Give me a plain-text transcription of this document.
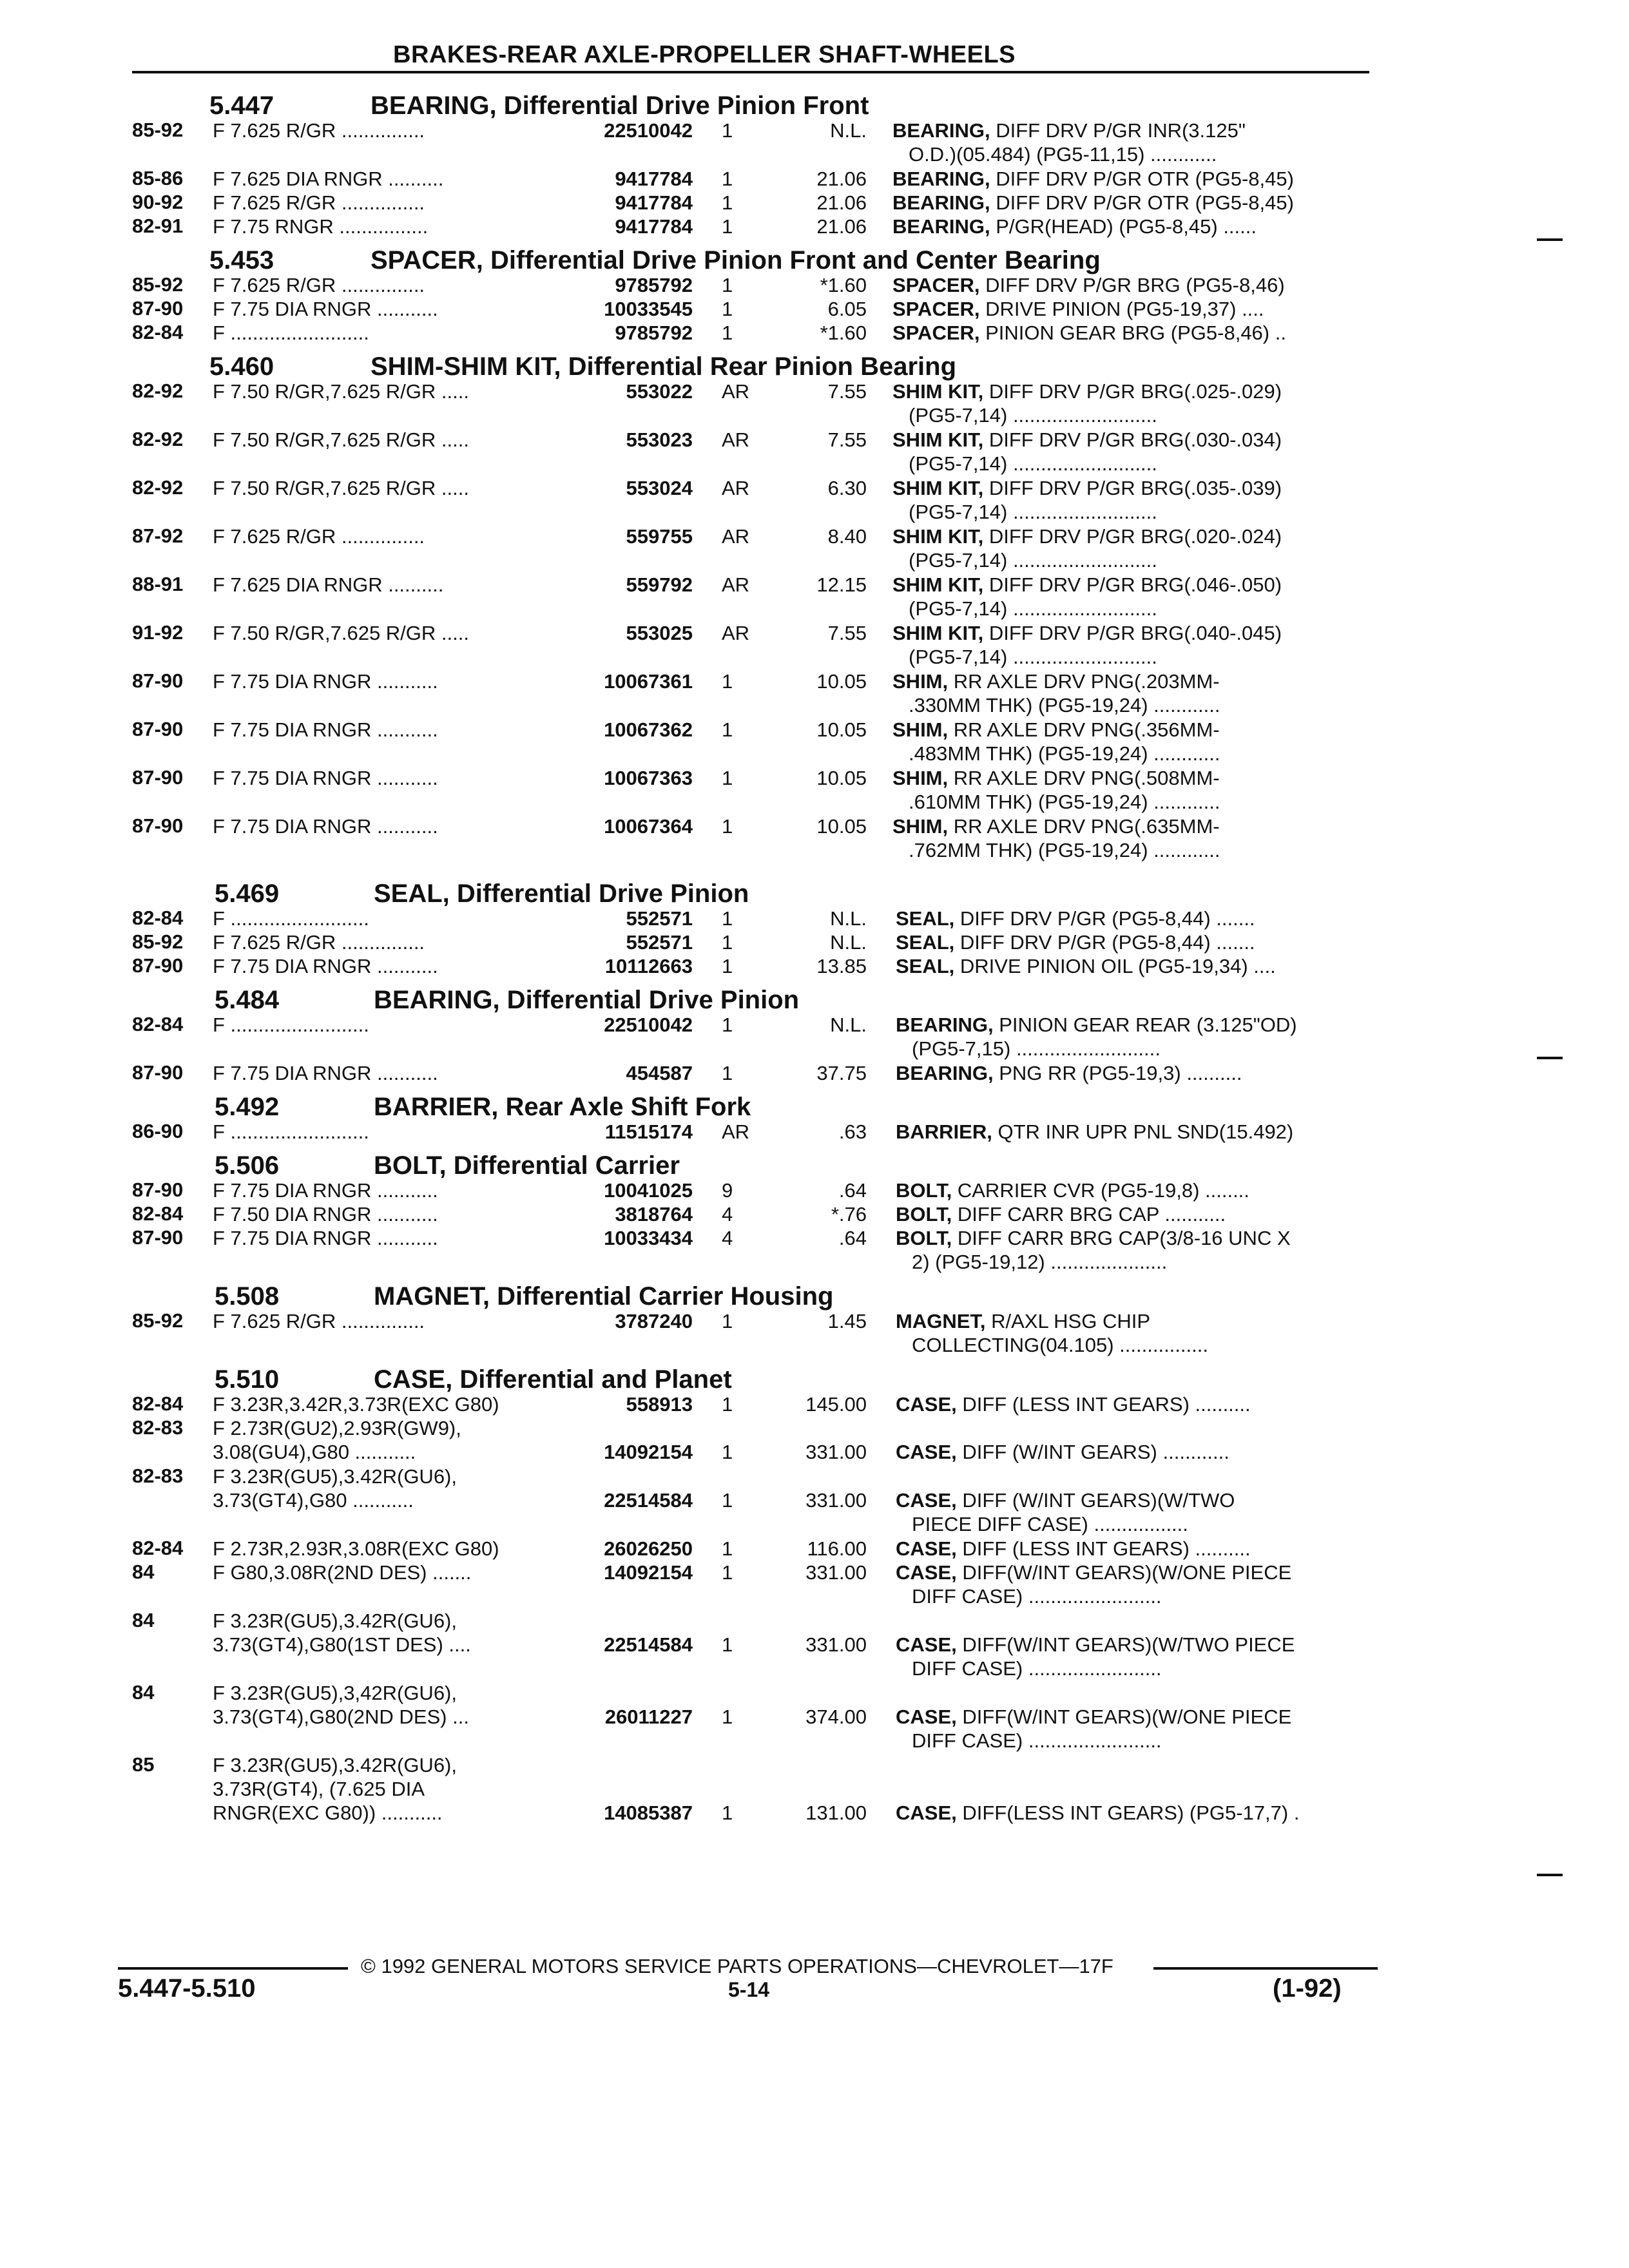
BRAKES-REAR AXLE-PROPELLER SHAFT-WHEELS
5.447	BEARING, Differential Drive Pinion Front
85-92 F 7.625 R/GR ...............	22510042 1	N.L. BEARING, DIFF DRV P/GR INR(3.125"
O.D.)(05.484) (PG5-11,15) ............
85-86 F 7.625 DIA RNGR ..........	9417784 1	21.06 BEARING, DIFF DRV P/GR OTR (PG5-8,45)
90-92 F 7.625 R/GR ...............	9417784 1	21.06 BEARING, DIFF DRV P/GR OTR (PG5-8,45)
82-91 F 7.75 RNGR ................	9417784 1	21.06 BEARING, P/GR(HEAD) (PG5-8,45) ......
5.453	SPACER, Differential Drive Pinion Front and Center Bearing
85-92 F 7.625 R/GR ...............	9785792 1	*1.60 SPACER, DIFF DRV P/GR BRG (PG5-8,46)
87-90 F 7.75 DIA RNGR ...........	10033545 1	6.05 SPACER, DRIVE PINION (PG5-19,37) ....
82-84 F .........................	9785792 1	*1.60 SPACER, PINION GEAR BRG (PG5-8,46) ..
5.460	SHIM-SHIM KIT, Differential Rear Pinion Bearing
82-92 F 7.50 R/GR,7.625 R/GR .....	553022 AR	7.55 SHIM KIT, DIFF DRV P/GR BRG(.025-.029)
(PG5-7,14) ..........................
82-92 F 7.50 R/GR,7.625 R/GR .....	553023 AR	7.55 SHIM KIT, DIFF DRV P/GR BRG(.030-.034)
(PG5-7,14) ..........................
82-92 F 7.50 R/GR,7.625 R/GR .....	553024 AR	6.30 SHIM KIT, DIFF DRV P/GR BRG(.035-.039)
(PG5-7,14) ..........................
87-92 F 7.625 R/GR ...............	559755 AR	8.40 SHIM KIT, DIFF DRV P/GR BRG(.020-.024)
(PG5-7,14) ..........................
88-91 F 7.625 DIA RNGR ..........	559792 AR	12.15 SHIM KIT, DIFF DRV P/GR BRG(.046-.050)
(PG5-7,14) ..........................
91-92 F 7.50 R/GR,7.625 R/GR .....	553025 AR	7.55 SHIM KIT, DIFF DRV P/GR BRG(.040-.045)
(PG5-7,14) ..........................
87-90 F 7.75 DIA RNGR ...........	10067361 1	10.05 SHIM, RR AXLE DRV PNG(.203MM-
.330MM THK) (PG5-19,24) ............
87-90 F 7.75 DIA RNGR ...........	10067362 1	10.05 SHIM, RR AXLE DRV PNG(.356MM-
.483MM THK) (PG5-19,24) ............
87-90 F 7.75 DIA RNGR ...........	10067363 1	10.05 SHIM, RR AXLE DRV PNG(.508MM-
.610MM THK) (PG5-19,24) ............
87-90 F 7.75 DIA RNGR ...........	10067364 1	10.05 SHIM, RR AXLE DRV PNG(.635MM-
.762MM THK) (PG5-19,24) ............
5.469	SEAL, Differential Drive Pinion
82-84 F .........................	552571 1	N.L. SEAL, DIFF DRV P/GR (PG5-8,44) .......
85-92 F 7.625 R/GR ...............	552571 1	N.L. SEAL, DIFF DRV P/GR (PG5-8,44) .......
87-90 F 7.75 DIA RNGR ...........	10112663 1	13.85 SEAL, DRIVE PINION OIL (PG5-19,34) ....
5.484	BEARING, Differential Drive Pinion
82-84 F .........................	22510042 1	N.L. BEARING, PINION GEAR REAR (3.125"OD)
(PG5-7,15) ..........................
87-90 F 7.75 DIA RNGR ...........	454587 1	37.75 BEARING, PNG RR (PG5-19,3) ..........
5.492	BARRIER, Rear Axle Shift Fork
86-90 F .........................	11515174 AR	.63 BARRIER, QTR INR UPR PNL SND(15.492)
5.506	BOLT, Differential Carrier
87-90 F 7.75 DIA RNGR ...........	10041025 9	.64 BOLT, CARRIER CVR (PG5-19,8) ........
82-84 F 7.50 DIA RNGR ...........	3818764 4	*.76 BOLT, DIFF CARR BRG CAP ...........
87-90 F 7.75 DIA RNGR ...........	10033434 4	.64 BOLT, DIFF CARR BRG CAP(3/8-16 UNC X
2) (PG5-19,12) .....................
5.508	MAGNET, Differential Carrier Housing
85-92 F 7.625 R/GR ...............	3787240 1	1.45 MAGNET, R/AXL HSG CHIP
COLLECTING(04.105) ................
5.510	CASE, Differential and Planet
82-84 F 3.23R,3.42R,3.73R(EXC G80)	558913 1	145.00 CASE, DIFF (LESS INT GEARS) ..........
82-83 F 2.73R(GU2),2.93R(GW9),
3.08(GU4),G80 ...........	14092154 1	331.00 CASE, DIFF (W/INT GEARS) ............
82-83 F 3.23R(GU5),3.42R(GU6),
3.73(GT4),G80 ...........	22514584 1	331.00 CASE, DIFF (W/INT GEARS)(W/TWO
PIECE DIFF CASE) .................
82-84 F 2.73R,2.93R,3.08R(EXC G80)	26026250 1	116.00 CASE, DIFF (LESS INT GEARS) ..........
84	F G80,3.08R(2ND DES) .......	14092154 1	331.00 CASE, DIFF(W/INT GEARS)(W/ONE PIECE
DIFF CASE) ........................
84	F 3.23R(GU5),3.42R(GU6),
3.73(GT4),G80(1ST DES) ....	22514584 1	331.00 CASE, DIFF(W/INT GEARS)(W/TWO PIECE
DIFF CASE) ........................
84	F 3.23R(GU5),3,42R(GU6),
3.73(GT4),G80(2ND DES) ...	26011227 1	374.00 CASE, DIFF(W/INT GEARS)(W/ONE PIECE
DIFF CASE) ........................
85	F 3.23R(GU5),3.42R(GU6),
3.73R(GT4), (7.625 DIA
RNGR(EXC G80)) ...........	14085387 1	131.00 CASE, DIFF(LESS INT GEARS) (PG5-17,7) .
© 1992 GENERAL MOTORS SERVICE PARTS OPERATIONS—CHEVROLET—17F
5.447-5.510	5-14	(1-92)
